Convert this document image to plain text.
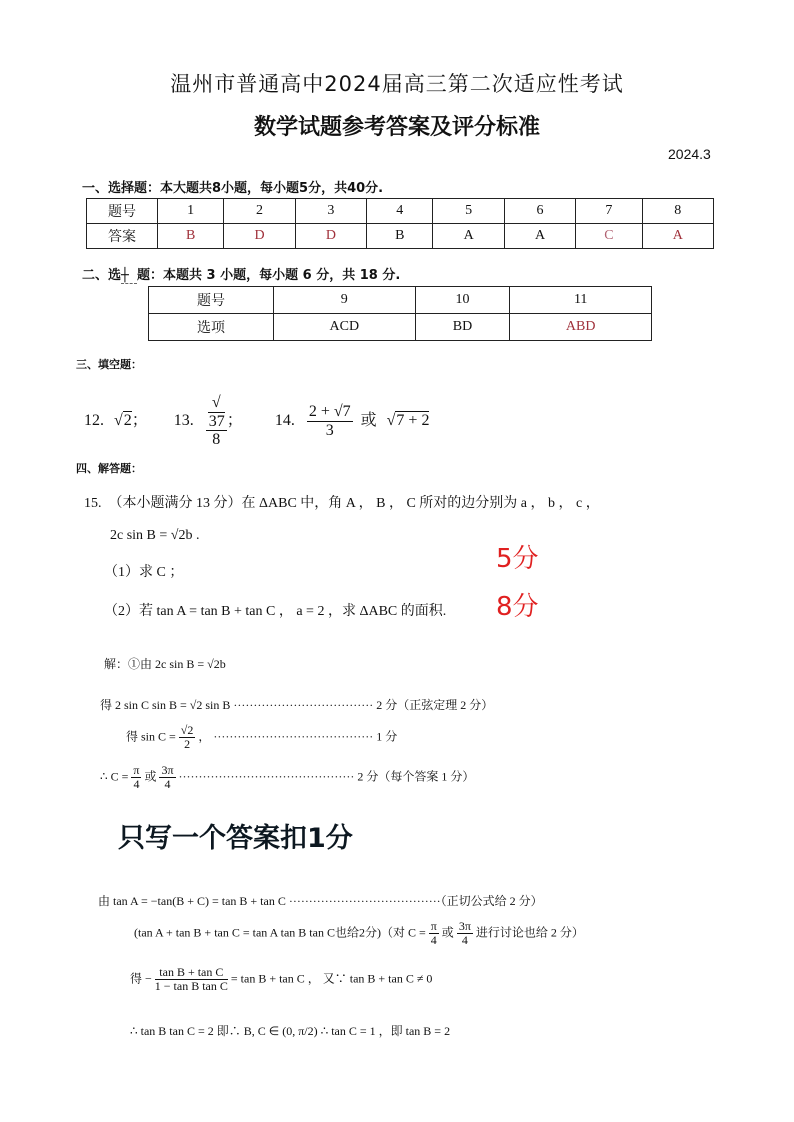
温州市普通高中2024届高三第二次适应性考试
数学试题参考答案及评分标准
2024.3
一、选择题：本大题共8小题，每小题5分，共40分.
题号	1	2	3	4	5	6	7	8
答案	B	D	D	B	A	A	C	A
二、选┼ 题：本题共 3 小题，每小题 6 分，共 18 分.
题号	9	10	11
选项	ACD	BD	ABD
三、填空题：
12. √2； 13. √
37
8 ； 14. $\frac{2 + √7}{3}$ 或 √7 + 2
四、解答题：
15.　（本小题满分 13 分）在 ΔABC 中，角 A ， B ， C 所对的边分别为 a ， b ， c ，
2c sin B = √2b .
（1）求 C ；
（2）若 tan A = tan B + tan C ， a = 2 ，求 ΔABC 的面积.
5分
8分
解：①由 2c sin B = √2b
得 2 sin C sin B = √2 sin B ··································· 2 分（正弦定理 2 分）
得 $\sin C = \frac{√2}{2}$ ， ········································ 1 分
∴ $C = \frac{\pi}{4}$ 或 $\frac{3\pi}{4}$ ············································ 2 分（每个答案 1 分）
只写一个答案扣1分
由 tan A = −tan(B + C) = tan B + tan C ······································（正切公式给 2 分）
(tan A + tan B + tan C = tan A tan B tan C也给2分)（对 $C = \frac{\pi}{4}$ 或 $\frac{3\pi}{4}$ 进行讨论也给 2 分）
得 − $\frac{\text{tan B + tan C}}{\text{1 − tan B tan C}} = \tan B + \tan C$ ， 又∵ tan B + tan C ≠ 0
∴ tan B tan C = 2 即∴ B, C ∈ (0, π/2) ∴ tan C = 1 ，即 tan B = 2
